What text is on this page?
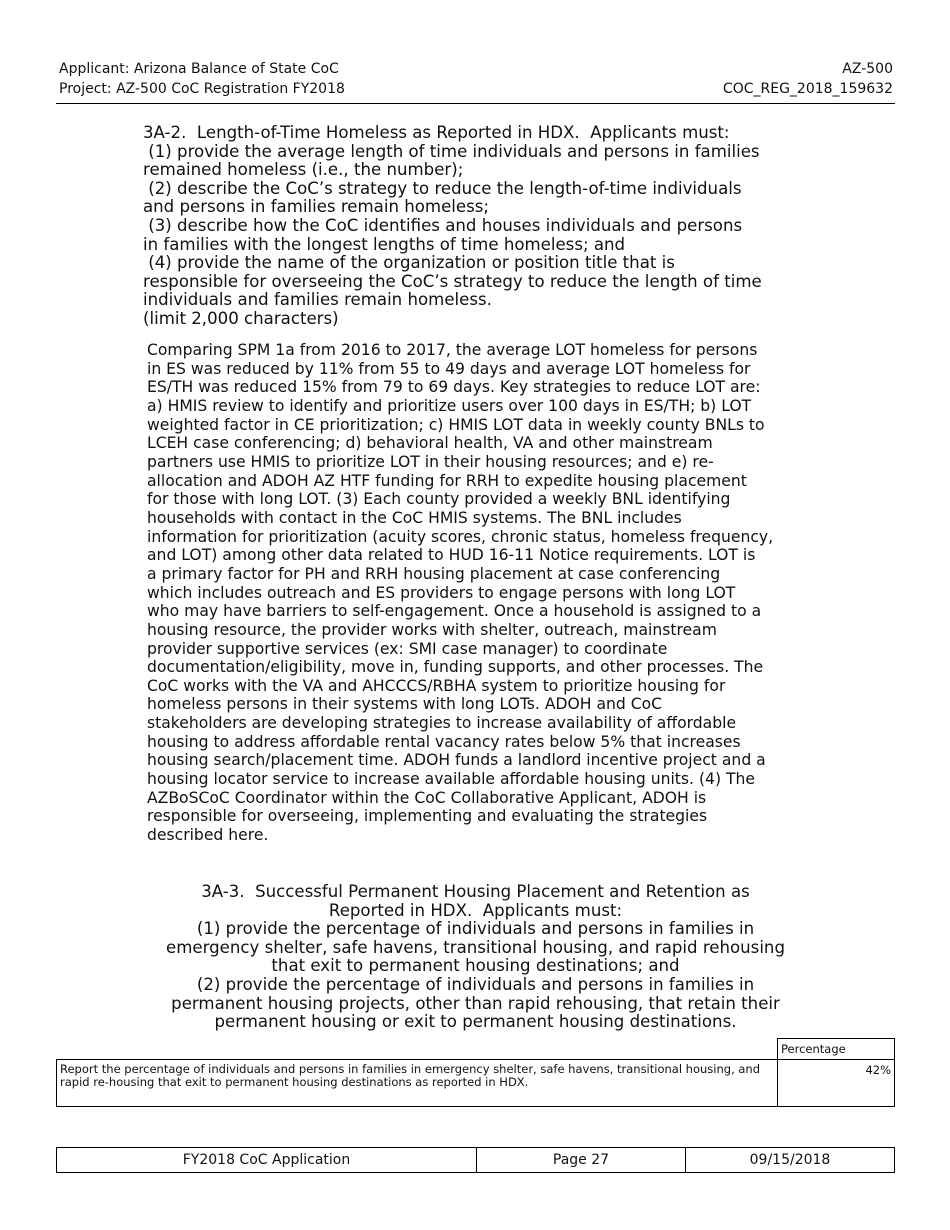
Applicant: Arizona Balance of State CoC
Project: AZ-500 CoC Registration FY2018
AZ-500
COC_REG_2018_159632
3A-2.  Length-of-Time Homeless as Reported in HDX.  Applicants must:
(1) provide the average length of time individuals and persons in families
remained homeless (i.e., the number);
(2) describe the CoC’s strategy to reduce the length-of-time individuals
and persons in families remain homeless;
(3) describe how the CoC identifies and houses individuals and persons
in families with the longest lengths of time homeless; and
(4) provide the name of the organization or position title that is
responsible for overseeing the CoC’s strategy to reduce the length of time
individuals and families remain homeless.
(limit 2,000 characters)
Comparing SPM 1a from 2016 to 2017, the average LOT homeless for persons
in ES was reduced by 11% from 55 to 49 days and average LOT homeless for
ES/TH was reduced 15% from 79 to 69 days. Key strategies to reduce LOT are:
a) HMIS review to identify and prioritize users over 100 days in ES/TH; b) LOT
weighted factor in CE prioritization; c) HMIS LOT data in weekly county BNLs to
LCEH case conferencing; d) behavioral health, VA and other mainstream
partners use HMIS to prioritize LOT in their housing resources; and e) re-
allocation and ADOH AZ HTF funding for RRH to expedite housing placement
for those with long LOT. (3) Each county provided a weekly BNL identifying
households with contact in the CoC HMIS systems. The BNL includes
information for prioritization (acuity scores, chronic status, homeless frequency,
and LOT) among other data related to HUD 16-11 Notice requirements. LOT is
a primary factor for PH and RRH housing placement at case conferencing
which includes outreach and ES providers to engage persons with long LOT
who may have barriers to self-engagement. Once a household is assigned to a
housing resource, the provider works with shelter, outreach, mainstream
provider supportive services (ex: SMI case manager) to coordinate
documentation/eligibility, move in, funding supports, and other processes. The
CoC works with the VA and AHCCCS/RBHA system to prioritize housing for
homeless persons in their systems with long LOTs. ADOH and CoC
stakeholders are developing strategies to increase availability of affordable
housing to address affordable rental vacancy rates below 5% that increases
housing search/placement time. ADOH funds a landlord incentive project and a
housing locator service to increase available affordable housing units. (4) The
AZBoSCoC Coordinator within the CoC Collaborative Applicant, ADOH is
responsible for overseeing, implementing and evaluating the strategies
described here.
3A-3.  Successful Permanent Housing Placement and Retention as
Reported in HDX.  Applicants must:
(1) provide the percentage of individuals and persons in families in
emergency shelter, safe havens, transitional housing, and rapid rehousing
that exit to permanent housing destinations; and
(2) provide the percentage of individuals and persons in families in
permanent housing projects, other than rapid rehousing, that retain their
permanent housing or exit to permanent housing destinations.
	Percentage
Report the percentage of individuals and persons in families in emergency shelter, safe havens, transitional housing, and rapid re-housing that exit to permanent housing destinations as reported in HDX.	42%
FY2018 CoC Application	Page 27	09/15/2018
